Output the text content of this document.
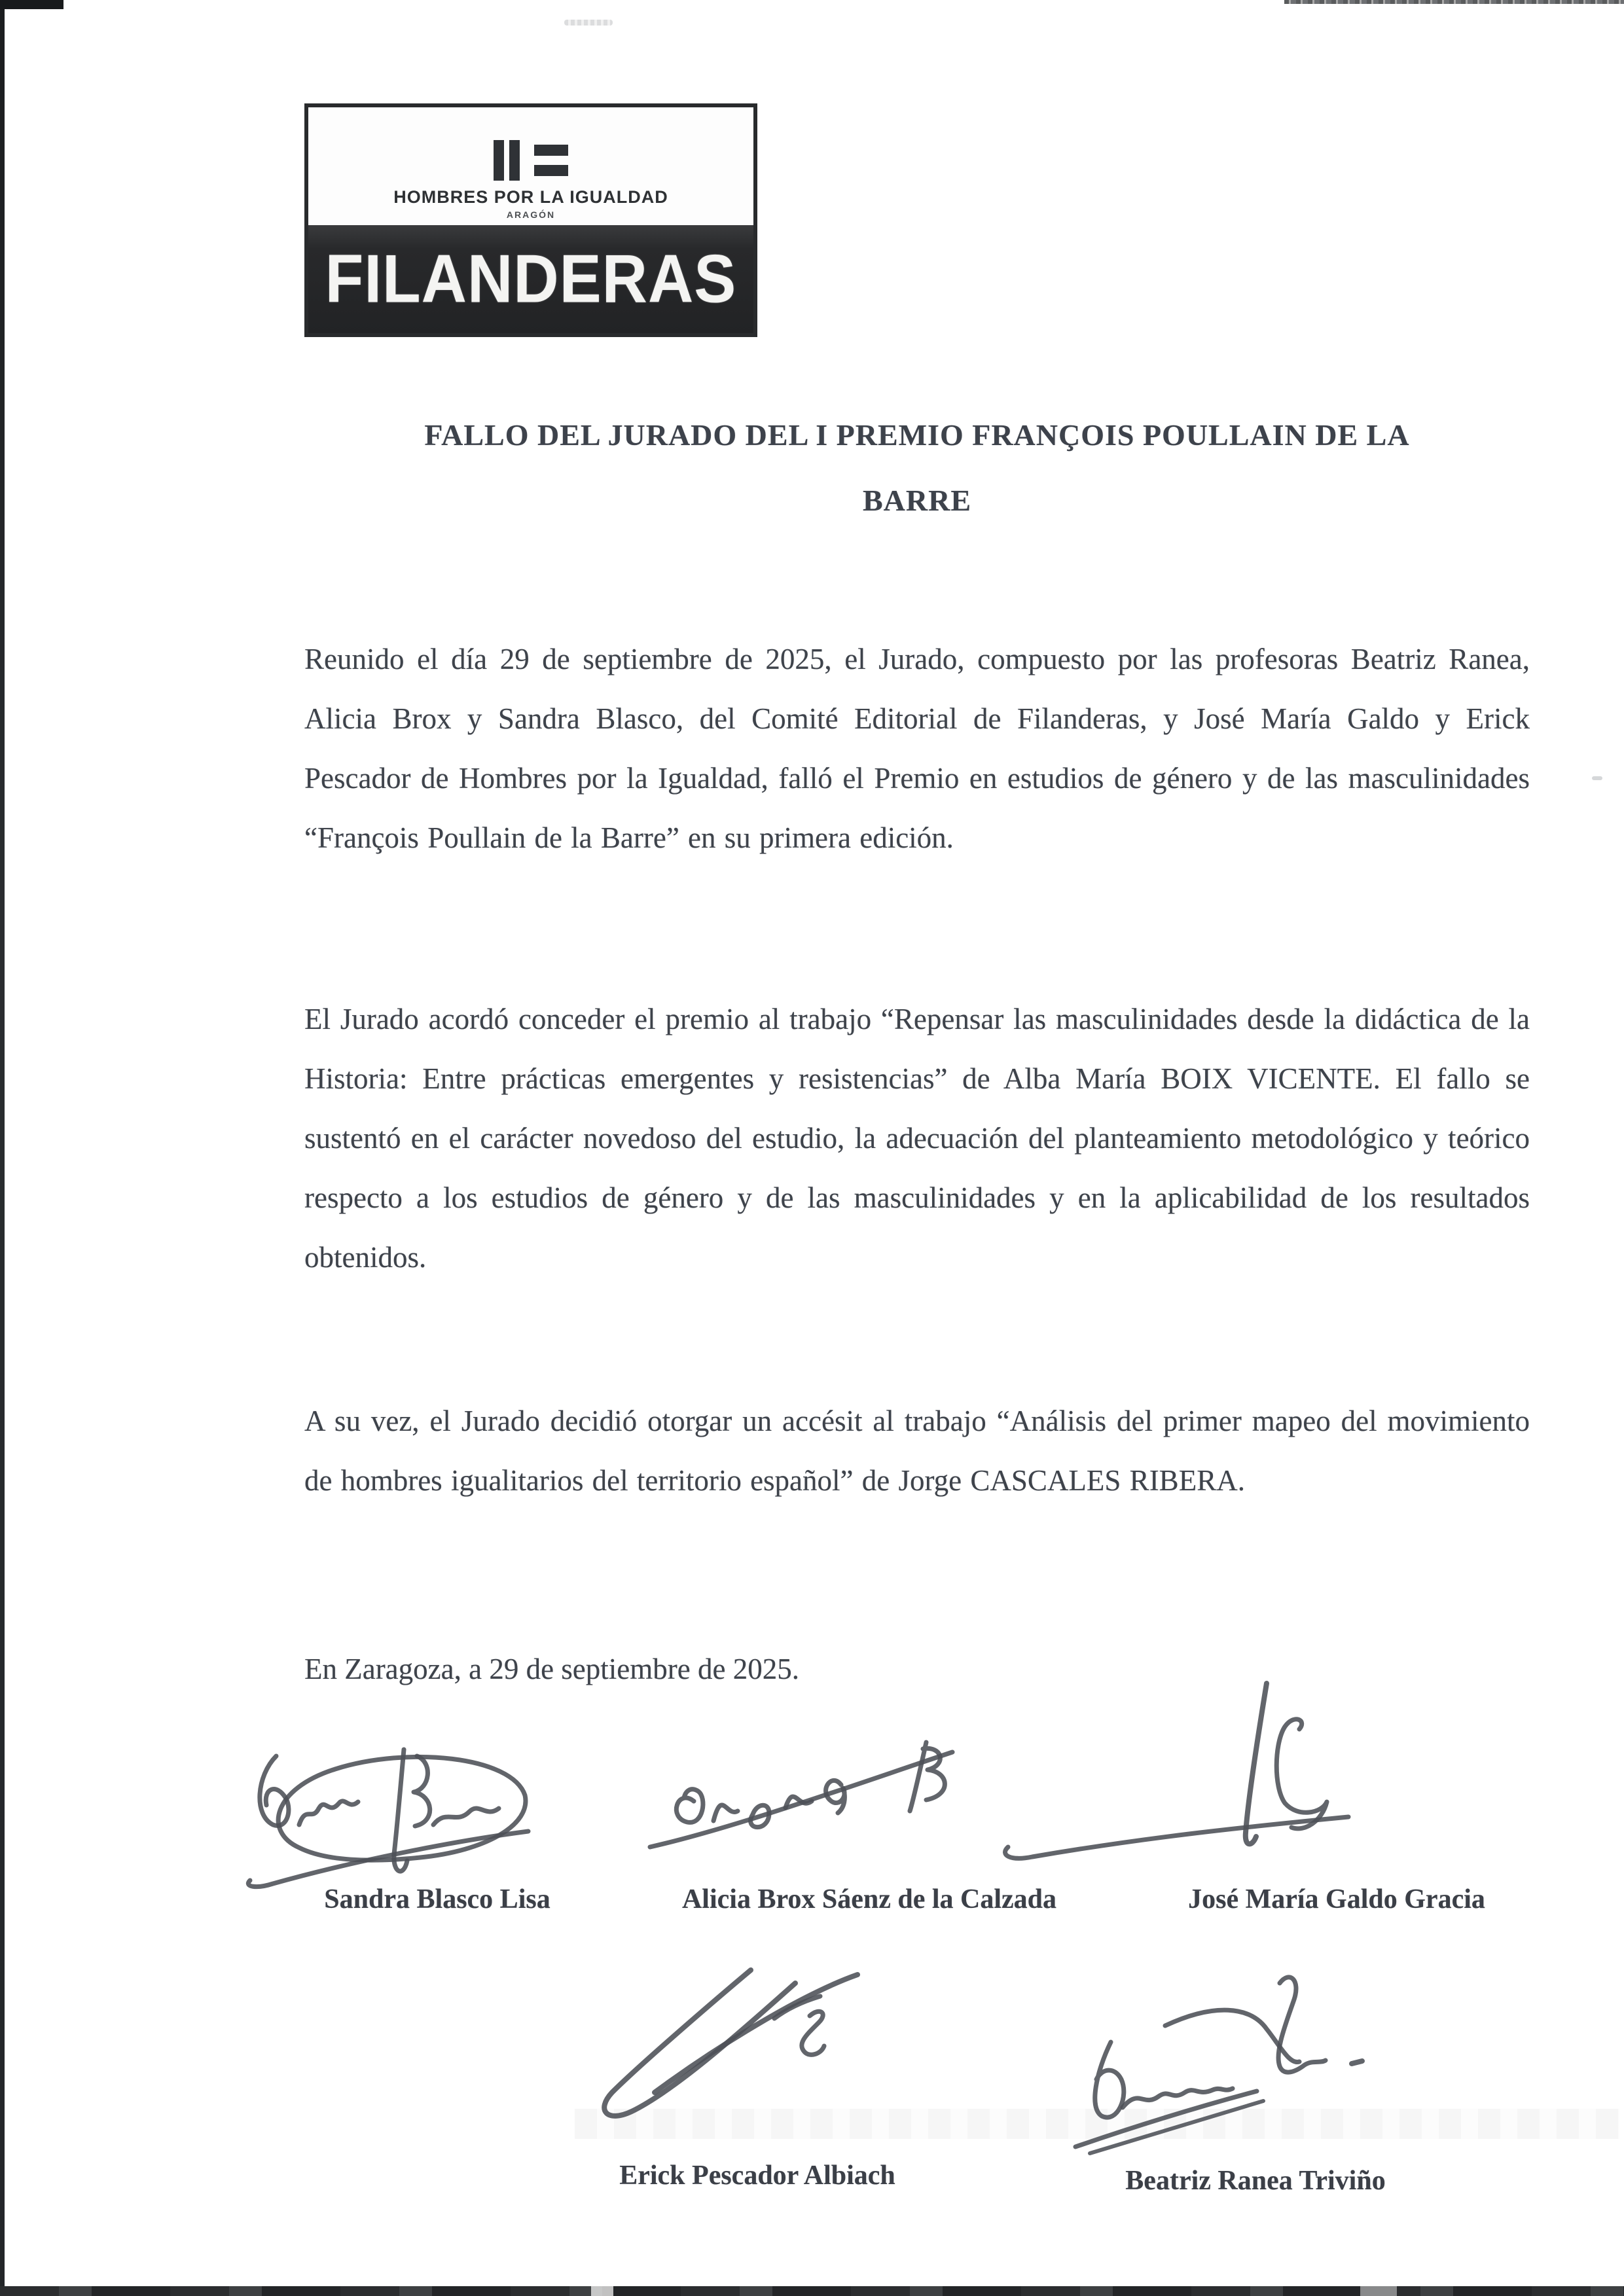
HOMBRES POR LA IGUALDAD
ARAGÓN
FILANDERAS
FALLO DEL JURADO DEL I PREMIO FRANÇOIS POULLAIN DE LA
BARRE
Reunido el día 29 de septiembre de 2025, el Jurado, compuesto por las profesoras Beatriz Ranea, Alicia Brox y Sandra Blasco, del Comité Editorial de Filanderas, y José María Galdo y Erick Pescador de Hombres por la Igualdad, falló el Premio en estudios de género y de las masculinidades “François Poullain de la Barre” en su primera edición.
El Jurado acordó conceder el premio al trabajo “Repensar las masculinidades desde la didáctica de la Historia: Entre prácticas emergentes y resistencias” de Alba María BOIX VICENTE. El fallo se sustentó en el carácter novedoso del estudio, la adecuación del planteamiento metodológico y teórico respecto a los estudios de género y de las masculinidades y en la aplicabilidad de los resultados obtenidos.
A su vez, el Jurado decidió otorgar un accésit al trabajo “Análisis del primer mapeo del movimiento de hombres igualitarios del territorio español” de Jorge CASCALES RIBERA.
En Zaragoza, a 29 de septiembre de 2025.
Sandra Blasco Lisa	Alicia Brox Sáenz de la Calzada	José María Galdo Gracia
Erick Pescador Albiach	Beatriz Ranea Triviño
